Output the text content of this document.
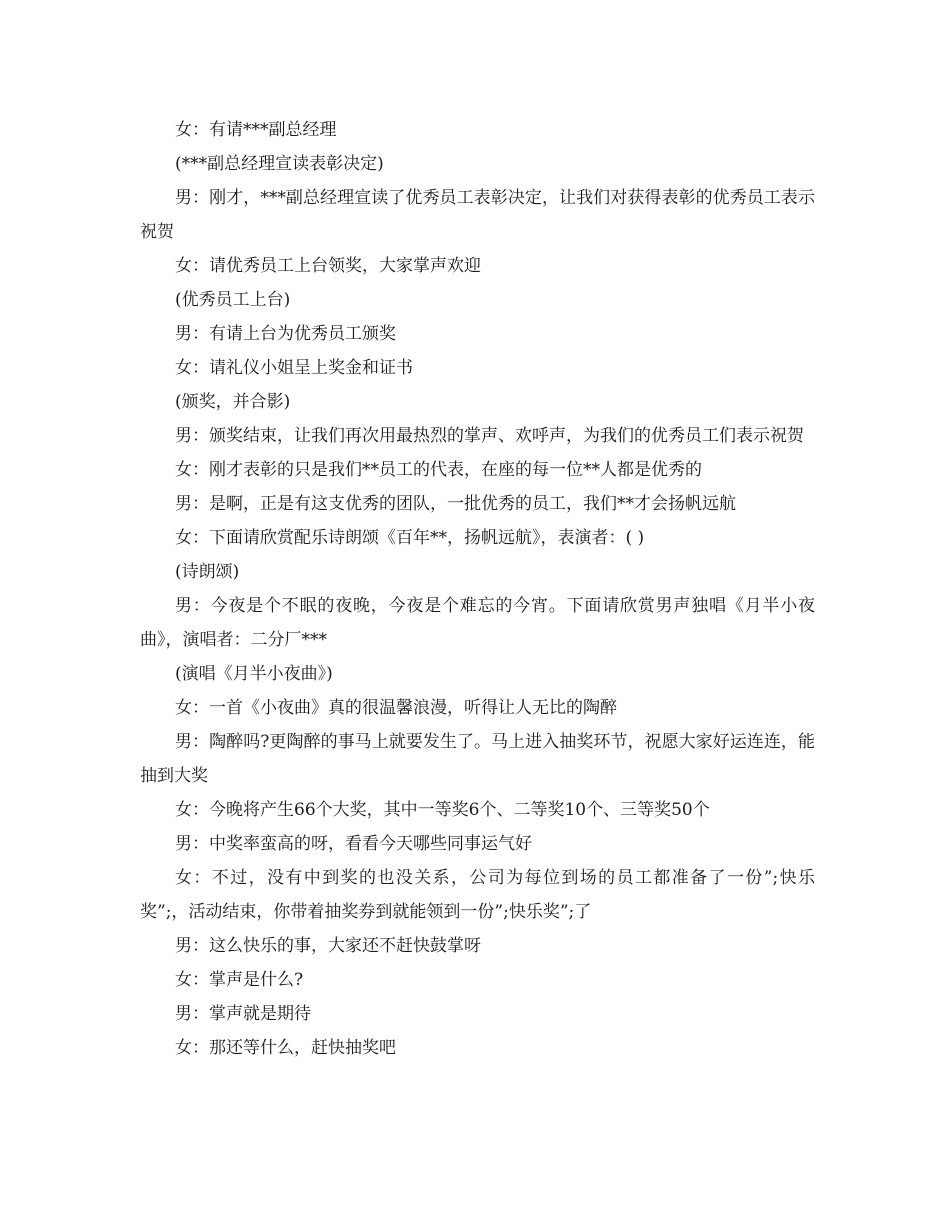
女：有请***副总经理

(***副总经理宣读表彰决定)

男：刚才，***副总经理宣读了优秀员工表彰决定，让我们对获得表彰的优秀员工表示祝贺

女：请优秀员工上台领奖，大家掌声欢迎

(优秀员工上台)

男：有请上台为优秀员工颁奖

女：请礼仪小姐呈上奖金和证书

(颁奖，并合影)

男：颁奖结束，让我们再次用最热烈的掌声、欢呼声，为我们的优秀员工们表示祝贺

女：刚才表彰的只是我们**员工的代表，在座的每一位**人都是优秀的

男：是啊，正是有这支优秀的团队，一批优秀的员工，我们**才会扬帆远航

女：下面请欣赏配乐诗朗颂《百年**，扬帆远航》，表演者：( )

(诗朗颂)

男：今夜是个不眠的夜晚，今夜是个难忘的今宵。下面请欣赏男声独唱《月半小夜曲》，演唱者：二分厂***

(演唱《月半小夜曲》)

女：一首《小夜曲》真的很温馨浪漫，听得让人无比的陶醉

男：陶醉吗?更陶醉的事马上就要发生了。马上进入抽奖环节，祝愿大家好运连连，能抽到大奖

女：今晚将产生66个大奖，其中一等奖6个、二等奖10个、三等奖50个

男：中奖率蛮高的呀，看看今天哪些同事运气好

女：不过，没有中到奖的也没关系，公司为每位到场的员工都准备了一份”;快乐奖”;，活动结束，你带着抽奖券到就能领到一份”;快乐奖”;了

男：这么快乐的事，大家还不赶快鼓掌呀

女：掌声是什么?

男：掌声就是期待

女：那还等什么，赶快抽奖吧
